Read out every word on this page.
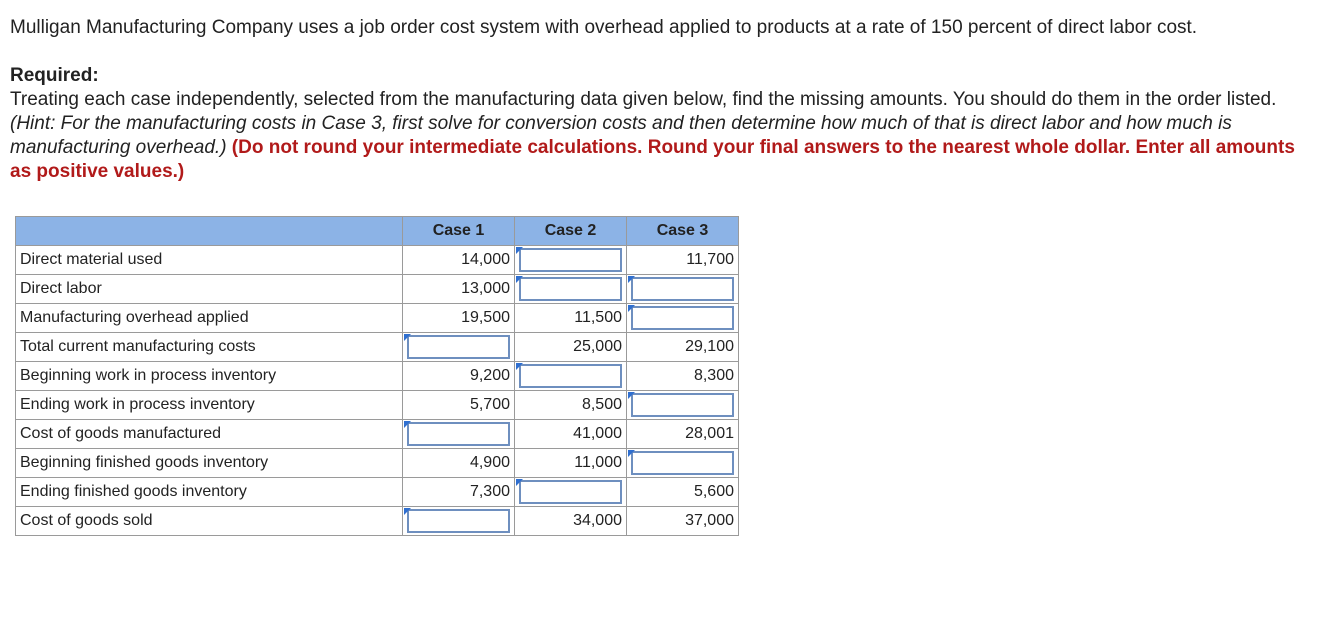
Mulligan Manufacturing Company uses a job order cost system with overhead applied to products at a rate of 150 percent of direct labor cost.

Required:

Treating each case independently, selected from the manufacturing data given below, find the missing amounts. You should do them in the order listed. (Hint: For the manufacturing costs in Case 3, first solve for conversion costs and then determine how much of that is direct labor and how much is manufacturing overhead.) (Do not round your intermediate calculations. Round your final answers to the nearest whole dollar. Enter all amounts as positive values.)

	Case 1	Case 2	Case 3
Direct material used	14,000		11,700
Direct labor	13,000	

Manufacturing overhead applied	19,500	11,500	

Total current manufacturing costs		25,000	29,100
Beginning work in process inventory	9,200		8,300
Ending work in process inventory	5,700	8,500	

Cost of goods manufactured		41,000	28,001
Beginning finished goods inventory	4,900	11,000	

Ending finished goods inventory	7,300		5,600
Cost of goods sold		34,000	37,000
